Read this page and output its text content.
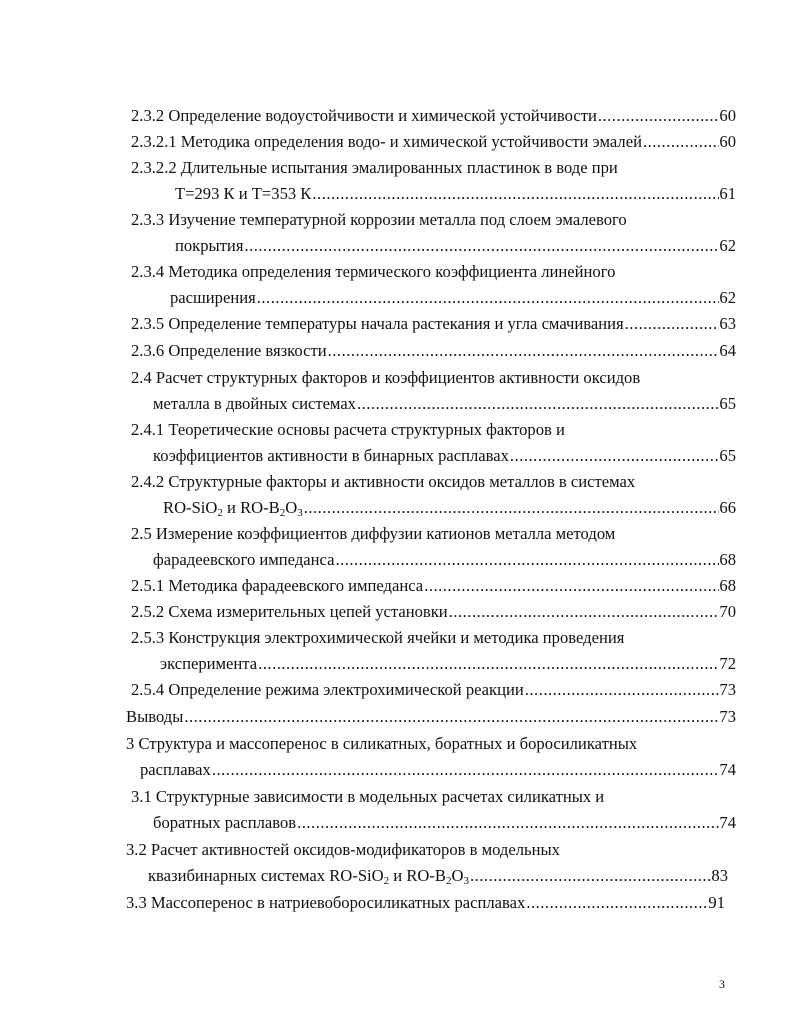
2.3.2 Определение водоустойчивости и химической устойчивости .....	60
2.3.2.1 Методика определения водо- и химической устойчивости эмалей .....	60
2.3.2.2 Длительные испытания эмалированных пластинок в воде при
T=293 К и T=353 К .....	61
2.3.3 Изучение температурной коррозии металла под слоем эмалевого
покрытия .....	62
2.3.4 Методика определения термического коэффициента линейного
расширения .....	62
2.3.5 Определение температуры начала растекания и угла смачивания .....	63
2.3.6 Определение вязкости .....	64
2.4 Расчет структурных факторов и коэффициентов активности оксидов
металла в двойных системах .....	65
2.4.1 Теоретические основы расчета структурных факторов и
коэффициентов активности в бинарных расплавах .....	65
2.4.2 Структурные факторы и активности оксидов металлов в системах
RO-SiO$_2$ и $RO-B_2O_3$ .....	66
2.5 Измерение коэффициентов диффузии катионов металла методом
фарадеевского импеданса .....	68
2.5.1 Методика фарадеевского импеданса .....	68
2.5.2 Схема измерительных цепей установки .....	70
2.5.3 Конструкция электрохимической ячейки и методика проведения
эксперимента .....	72
2.5.4 Определение режима электрохимической реакции .....	73
Выводы .....	73
3 Структура и массоперенос в силикатных, боратных и боросиликатных
расплавах .....	74
3.1 Структурные зависимости в модельных расчетах силикатных и
боратных расплавов .....	74
3.2 Расчет активностей оксидов-модификаторов в модельных
квазибинарных системах RO-SiO$_2$ и $RO-B_2O_3$ .....	83
3.3 Массоперенос в натриевоборосиликатных расплавах .....	91
3
